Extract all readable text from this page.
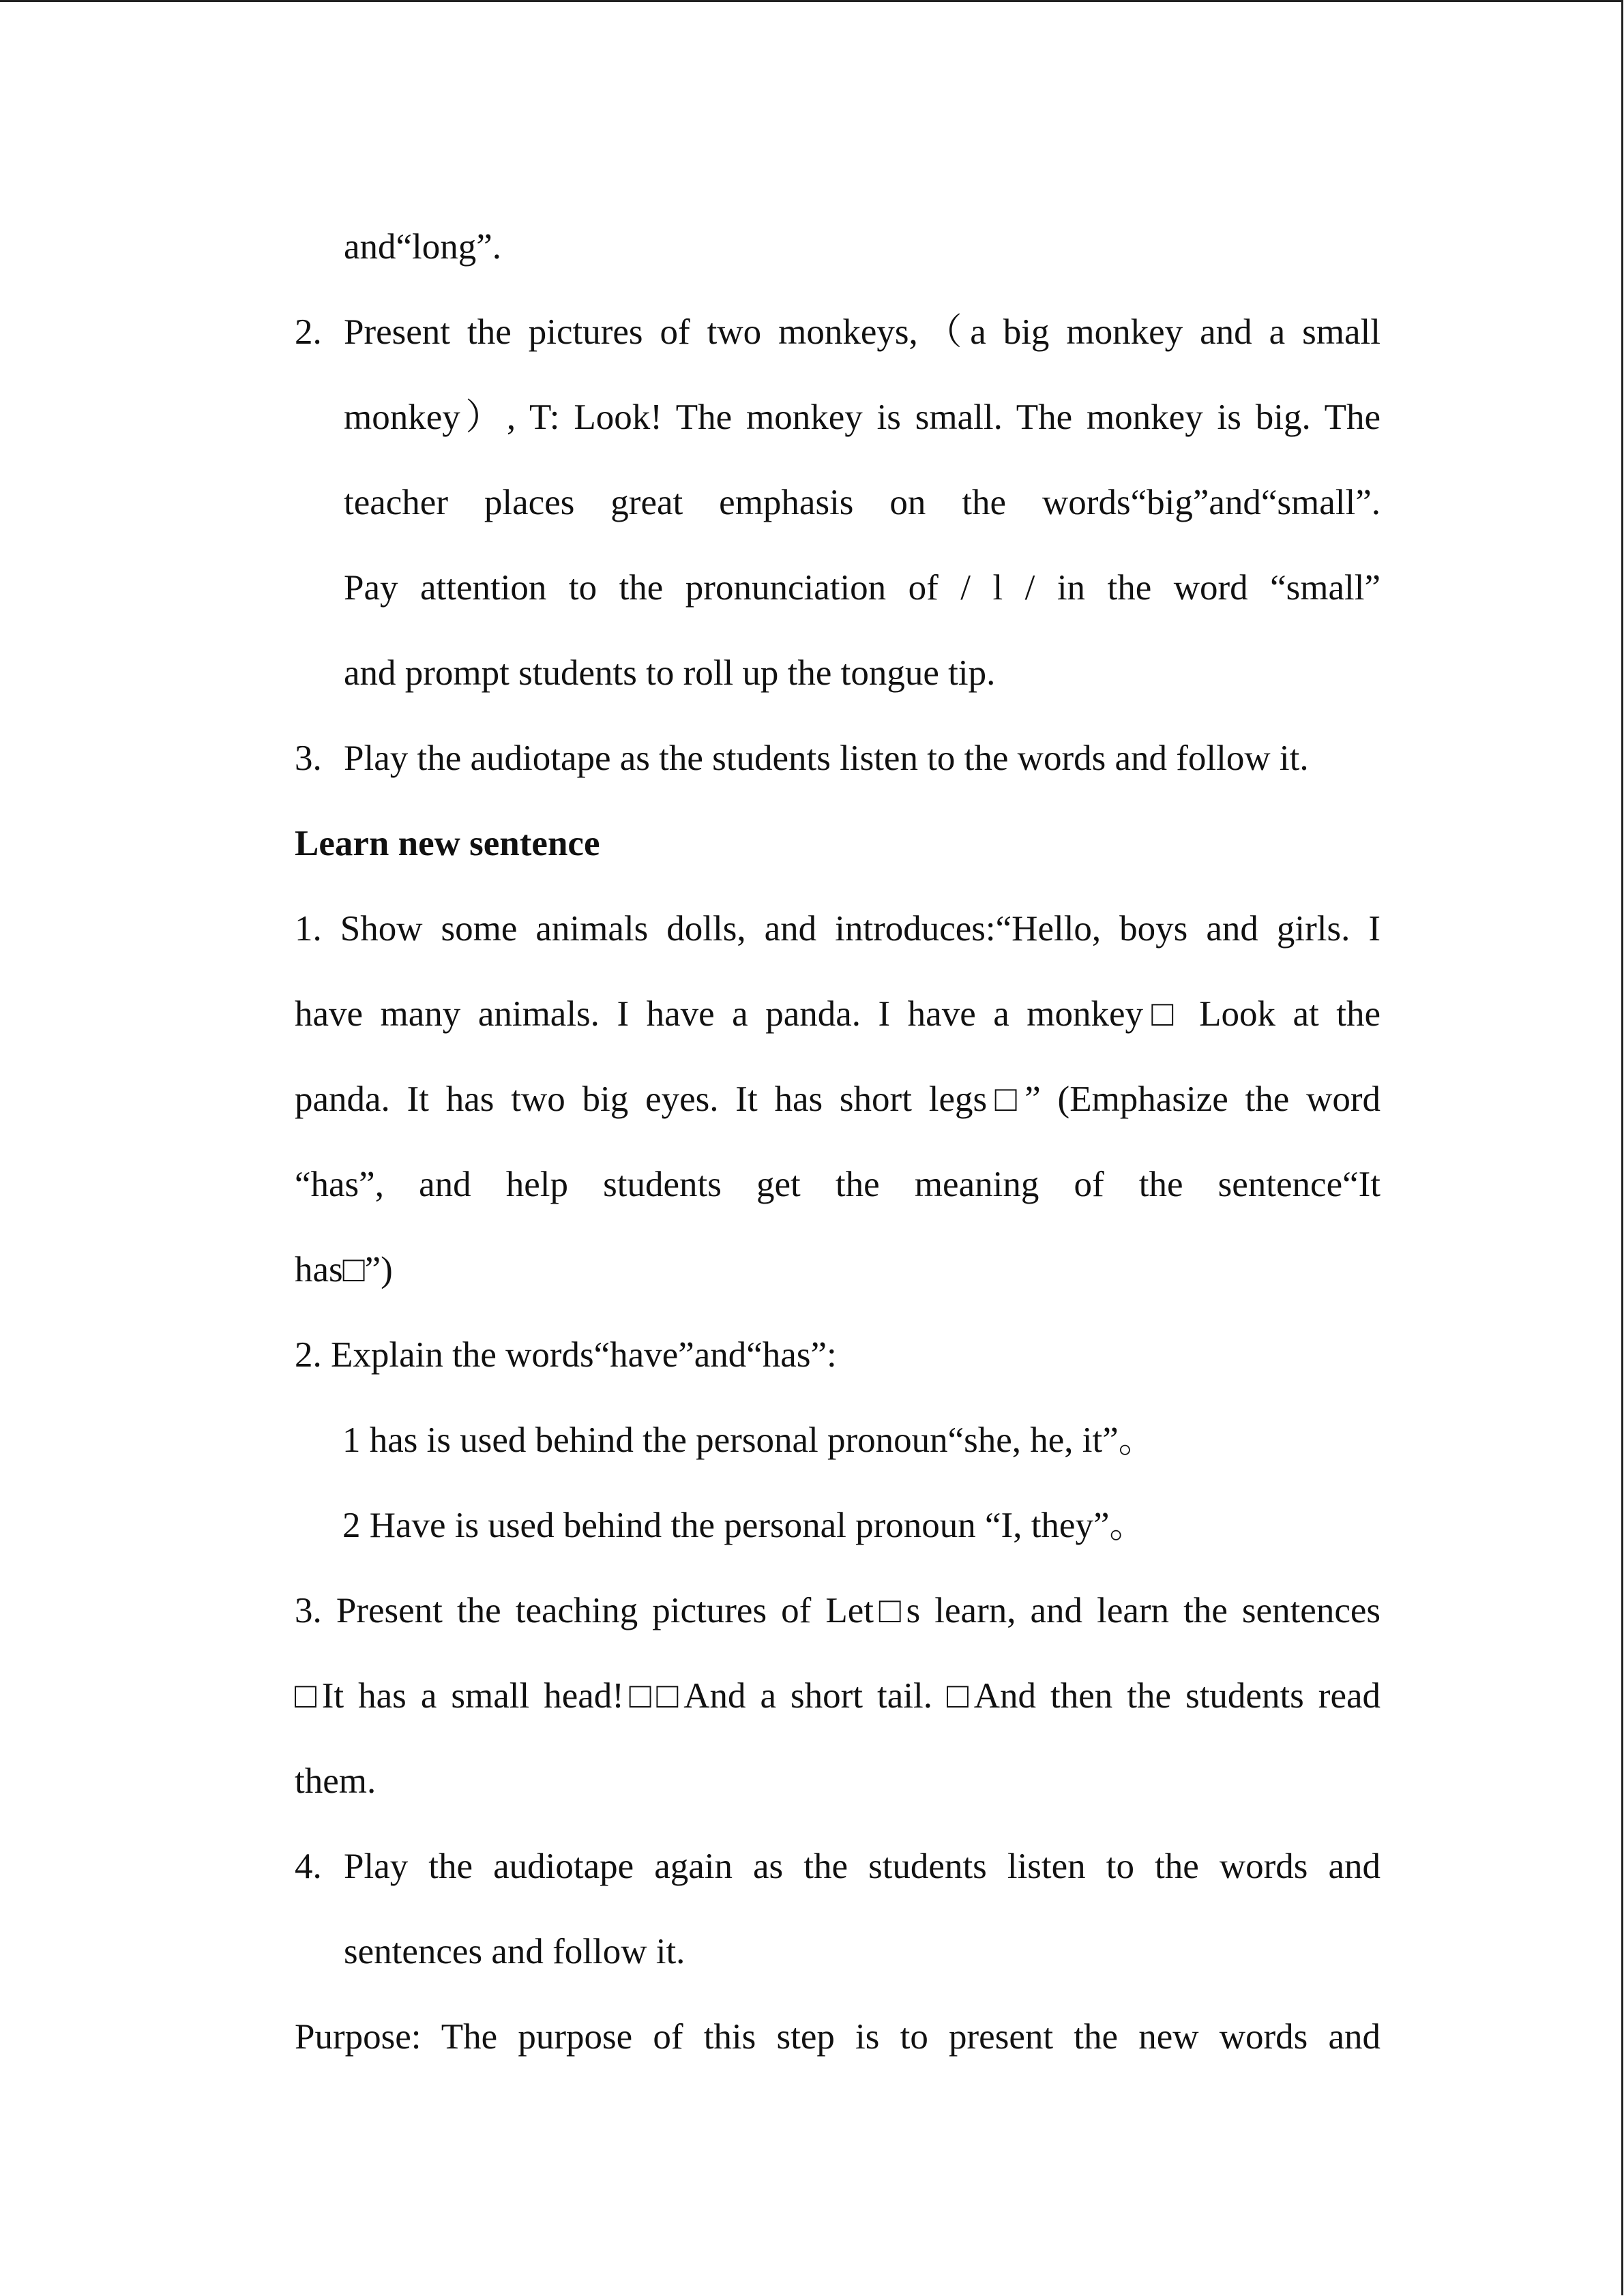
and“long”.
2. Present the pictures of two monkeys,（a big monkey and a small
monkey）, T: Look! The monkey is small. The monkey is big. The
teacher places great emphasis on the words“big”and“small”.
Pay attention to the pronunciation of / l / in the word “small”
and prompt students to roll up the tongue tip.
3. Play the audiotape as the students listen to the words and follow it.
Learn new sentence
1. Show some animals dolls, and introduces:“Hello, boys and girls. I
have many animals. I have a panda. I have a monkey□ Look at the
panda. It has two big eyes. It has short legs□” (Emphasize the word
“has”, and help students get the meaning of the sentence“It
has□”)
2. Explain the words“have”and“has”:
1 has is used behind the personal pronoun“she, he, it”。
2 Have is used behind the personal pronoun “I, they”。
3. Present the teaching pictures of Let□s learn, and learn the sentences
□It has a small head!□□And a short tail. □And then the students read
them.
4. Play the audiotape again as the students listen to the words and
sentences and follow it.
Purpose: The purpose of this step is to present the new words and
